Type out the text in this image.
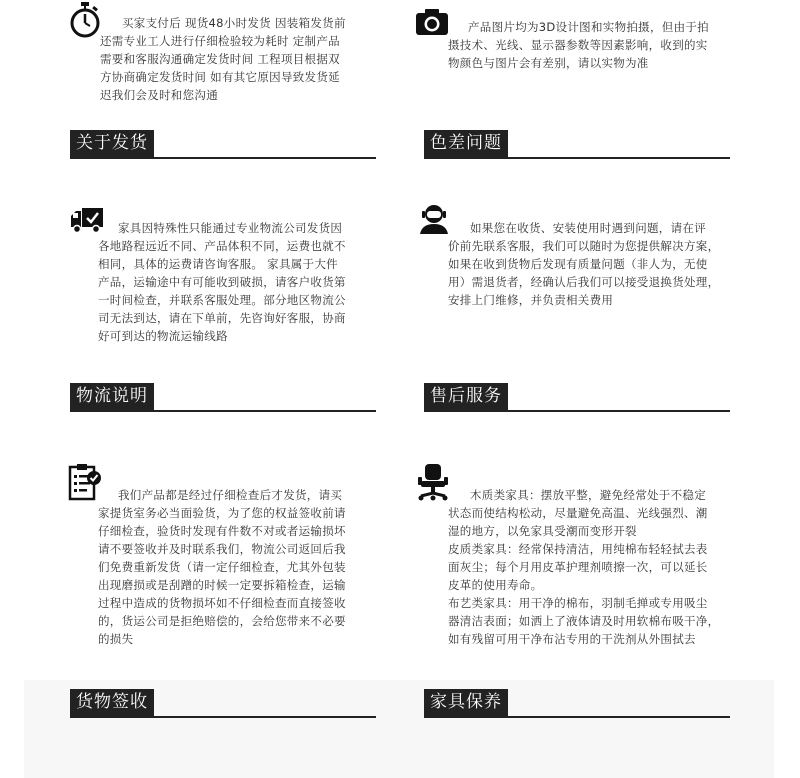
买家支付后 现货48小时发货 因装箱发货前
还需专业工人进行仔细检验较为耗时 定制产品
需要和客服沟通确定发货时间 工程项目根据双
方协商确定发货时间 如有其它原因导致发货延
迟我们会及时和您沟通
产品图片均为3D设计图和实物拍摄，但由于拍
摄技术、光线、显示器参数等因素影响，收到的实
物颜色与图片会有差别，请以实物为准
关于发货	色差问题
家具因特殊性只能通过专业物流公司发货因
各地路程远近不同、产品体积不同，运费也就不
相同，具体的运费请咨询客服。 家具属于大件
产品，运输途中有可能收到破损，请客户收货第
一时间检查，并联系客服处理。部分地区物流公
司无法到达，请在下单前，先咨询好客服，协商
好可到达的物流运输线路
如果您在收货、安装使用时遇到问题，请在评
价前先联系客服，我们可以随时为您提供解决方案，
如果在收到货物后发现有质量问题（非人为，无使
用）需退货者，经确认后我们可以接受退换货处理，
安排上门维修，并负责相关费用
物流说明	售后服务
我们产品都是经过仔细检查后才发货，请买
家提货室务必当面验货，为了您的权益签收前请
仔细检查，验货时发现有件数不对或者运输损坏
请不要签收并及时联系我们，物流公司返回后我
们免费重新发货（请一定仔细检查，尤其外包装
出现磨损或是刮蹭的时候一定要拆箱检查，运输
过程中造成的货物损坏如不仔细检查而直接签收
的，货运公司是拒绝赔偿的，会给您带来不必要
的损失
木质类家具：摆放平整，避免经常处于不稳定
状态而使结构松动，尽量避免高温、光线强烈、潮
湿的地方，以免家具受潮而变形开裂
皮质类家具：经常保持清洁，用纯棉布轻轻拭去表
面灰尘；每个月用皮革护理剂喷擦一次，可以延长
皮革的使用寿命。
布艺类家具：用干净的棉布，羽制毛掸或专用吸尘
器清洁表面；如洒上了液体请及时用软棉布吸干净，
如有残留可用干净布沾专用的干洗剂从外围拭去
货物签收	家具保养
